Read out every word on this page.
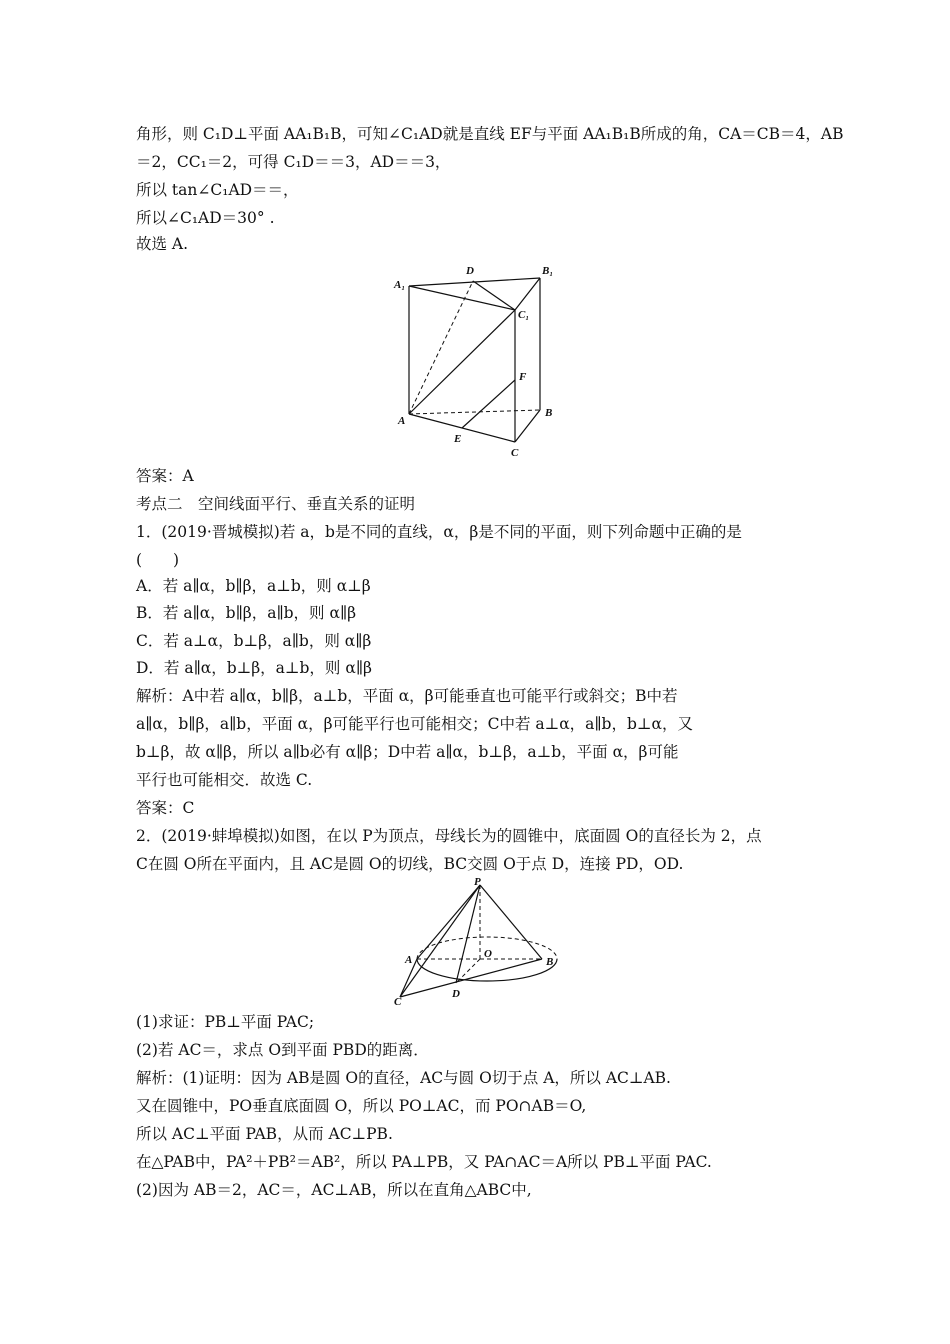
角形，则 C₁D⊥平面 AA₁B₁B，可知∠C₁AD就是直线 EF与平面 AA₁B₁B所成的角，CA＝CB＝4，AB
＝2，CC₁＝2，可得 C₁D＝＝3，AD＝＝3，
所以 tan∠C₁AD＝＝，
所以∠C₁AD＝30° .
故选 A.
A₁
D	B₁
C₁
F
A
B
E
C
答案：A
考点二　空间线面平行、垂直关系的证明
1．(2019·晋城模拟)若 a，b是不同的直线，α，β是不同的平面，则下列命题中正确的是
(　　)
A．若 a∥α，b∥β，a⊥b，则 α⊥β
B．若 a∥α，b∥β，a∥b，则 α∥β
C．若 a⊥α，b⊥β，a∥b，则 α∥β
D．若 a∥α，b⊥β，a⊥b，则 α∥β
解析：A中若 a∥α，b∥β，a⊥b，平面 α，β可能垂直也可能平行或斜交；B中若
a∥α，b∥β，a∥b，平面 α，β可能平行也可能相交；C中若 a⊥α，a∥b，b⊥α，又
b⊥β，故 α∥β，所以 a∥b必有 α∥β；D中若 a∥α，b⊥β，a⊥b，平面 α，β可能
平行也可能相交．故选 C.
答案：C
2．(2019·蚌埠模拟)如图，在以 P为顶点，母线长为的圆锥中，底面圆 O的直径长为 2，点
C在圆 O所在平面内，且 AC是圆 O的切线，BC交圆 O于点 D，连接 PD，OD.
P
A	O
B
D
C
(1)求证：PB⊥平面 PAC;
(2)若 AC＝，求点 O到平面 PBD的距离．
解析：(1)证明：因为 AB是圆 O的直径，AC与圆 O切于点 A，所以 AC⊥AB.
又在圆锥中，PO垂直底面圆 O，所以 PO⊥AC，而 PO∩AB＝O,
所以 AC⊥平面 PAB，从而 AC⊥PB.
在△PAB中，PA²＋PB²＝AB²，所以 PA⊥PB，又 PA∩AC＝A所以 PB⊥平面 PAC.
(2)因为 AB＝2，AC＝，AC⊥AB，所以在直角△ABC中,
